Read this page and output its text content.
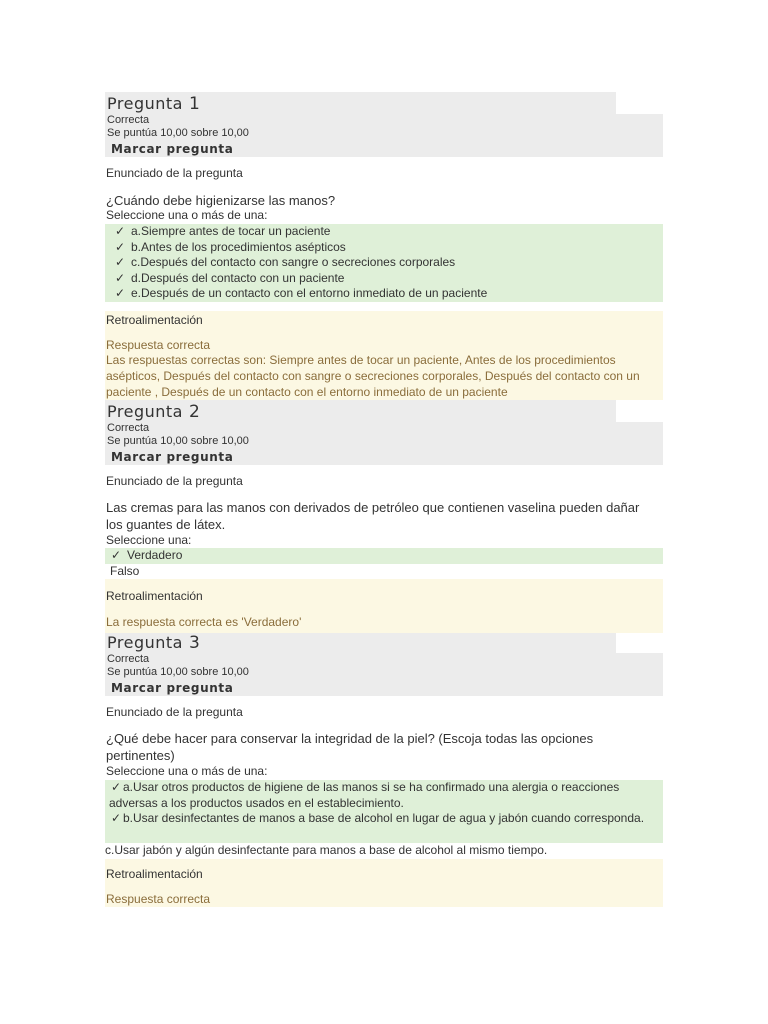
Pregunta 1
Correcta
Se puntúa 10,00 sobre 10,00
Marcar pregunta
Enunciado de la pregunta
¿Cuándo debe higienizarse las manos?
Seleccione una o más de una:
✓ a.Siempre antes de tocar un paciente
✓ b.Antes de los procedimientos asépticos
✓ c.Después del contacto con sangre o secreciones corporales
✓ d.Después del contacto con un paciente
✓ e.Después de un contacto con el entorno inmediato de un paciente
Retroalimentación
Respuesta correcta
Las respuestas correctas son: Siempre antes de tocar un paciente, Antes de los procedimientos asépticos, Después del contacto con sangre o secreciones corporales, Después del contacto con un paciente , Después de un contacto con el entorno inmediato de un paciente
Pregunta 2
Correcta
Se puntúa 10,00 sobre 10,00
Marcar pregunta
Enunciado de la pregunta
Las cremas para las manos con derivados de petróleo que contienen vaselina pueden dañar los guantes de látex.
Seleccione una:
✓ Verdadero
Falso
Retroalimentación
La respuesta correcta es 'Verdadero'
Pregunta 3
Correcta
Se puntúa 10,00 sobre 10,00
Marcar pregunta
Enunciado de la pregunta
¿Qué debe hacer para conservar la integridad de la piel? (Escoja todas las opciones pertinentes)
Seleccione una o más de una:
✓ a.Usar otros productos de higiene de las manos si se ha confirmado una alergia o reacciones adversas a los productos usados en el establecimiento.
✓ b.Usar desinfectantes de manos a base de alcohol en lugar de agua y jabón cuando corresponda.
c.Usar jabón y algún desinfectante para manos a base de alcohol al mismo tiempo.
Retroalimentación
Respuesta correcta
